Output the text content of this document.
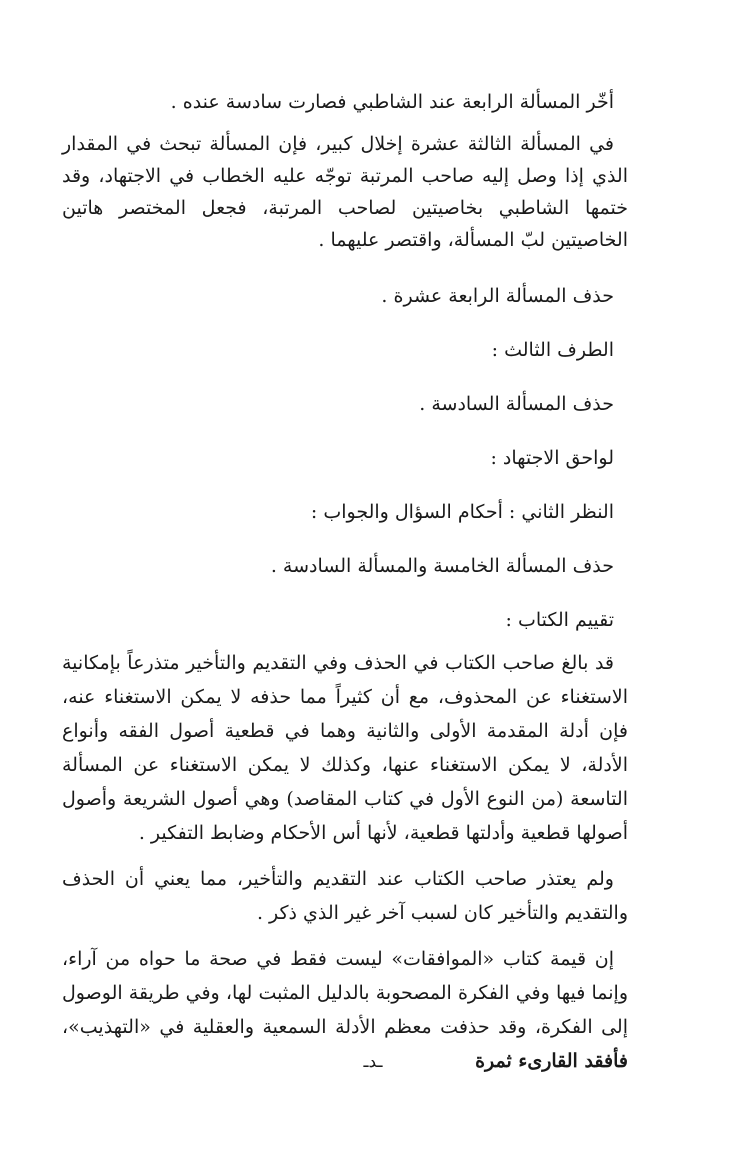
أخّر المسألة الرابعة عند الشاطبي فصارت سادسة عنده .

في المسألة الثالثة عشرة إخلال كبير، فإن المسألة تبحث في المقدار الذي إذا وصل إليه صاحب المرتبة توجّه عليه الخطاب في الاجتهاد، وقد ختمها الشاطبي بخاصيتين لصاحب المرتبة، فجعل المختصر هاتين الخاصيتين لبّ المسألة، واقتصر عليهما .

حذف المسألة الرابعة عشرة .

الطرف الثالث :

حذف المسألة السادسة .

لواحق الاجتهاد :

النظر الثاني : أحكام السؤال والجواب :

حذف المسألة الخامسة والمسألة السادسة .

تقييم الكتاب :

قد بالغ صاحب الكتاب في الحذف وفي التقديم والتأخير متذرعاً بإمكانية الاستغناء عن المحذوف، مع أن كثيراً مما حذفه لا يمكن الاستغناء عنه، فإن أدلة المقدمة الأولى والثانية وهما في قطعية أصول الفقه وأنواع الأدلة، لا يمكن الاستغناء عنها، وكذلك لا يمكن الاستغناء عن المسألة التاسعة (من النوع الأول في كتاب المقاصد) وهي أصول الشريعة وأصول أصولها قطعية وأدلتها قطعية، لأنها أس الأحكام وضابط التفكير .

ولم يعتذر صاحب الكتاب عند التقديم والتأخير، مما يعني أن الحذف والتقديم والتأخير كان لسبب آخر غير الذي ذكر .

إن قيمة كتاب «الموافقات» ليست فقط في صحة ما حواه من آراء، وإنما فيها وفي الفكرة المصحوبة بالدليل المثبت لها، وفي طريقة الوصول إلى الفكرة، وقد حذفت معظم الأدلة السمعية والعقلية في «التهذيب»، فأفقد القارىء ثمرة

ـدـ
